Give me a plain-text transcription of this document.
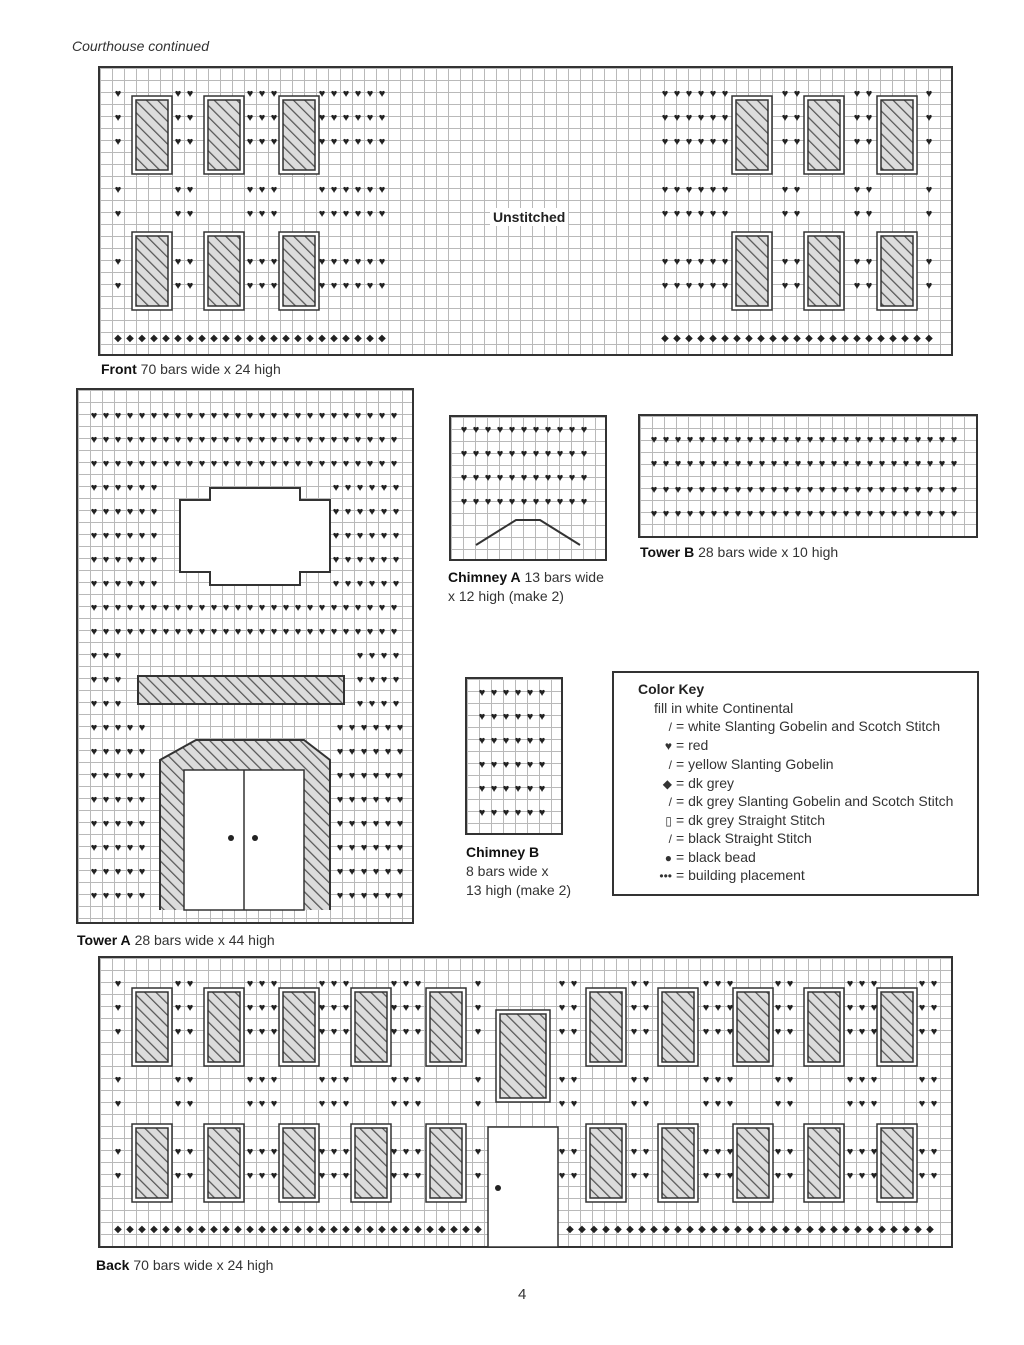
Courthouse continued
Unstitched
Front 70 bars wide x 24 high
Tower A 28 bars wide x 44 high
Chimney A 13 bars wide
x 12 high (make 2)
Tower B 28 bars wide x 10 high
Chimney B
8 bars wide x
13 high (make 2)
Back 70 bars wide x 24 high
♥	♥ ♥	♥ ♥ ♥	♥ ♥ ♥ ♥ ♥ ♥	♥ ♥ ♥ ♥ ♥ ♥	♥ ♥	♥ ♥	♥
♥	♥ ♥	♥ ♥ ♥	♥ ♥ ♥ ♥ ♥ ♥	♥ ♥ ♥ ♥ ♥ ♥	♥ ♥	♥ ♥	♥
♥	♥ ♥	♥ ♥ ♥	♥ ♥ ♥ ♥ ♥ ♥	♥ ♥ ♥ ♥ ♥ ♥	♥ ♥	♥ ♥	♥
♥	♥ ♥	♥ ♥ ♥	♥ ♥ ♥ ♥ ♥ ♥	♥ ♥ ♥ ♥ ♥ ♥	♥ ♥	♥ ♥	♥
♥	♥ ♥	♥ ♥ ♥	♥ ♥ ♥ ♥ ♥ ♥	♥ ♥ ♥ ♥ ♥ ♥	♥ ♥	♥ ♥	♥
♥	♥ ♥	♥ ♥ ♥	♥ ♥ ♥ ♥ ♥ ♥	♥ ♥ ♥ ♥ ♥ ♥	♥ ♥	♥ ♥	♥
♥	♥ ♥	♥ ♥ ♥	♥ ♥ ♥ ♥ ♥ ♥	♥ ♥ ♥ ♥ ♥ ♥	♥ ♥	♥ ♥	♥
◆ ◆ ◆ ◆ ◆ ◆ ◆ ◆ ◆ ◆ ◆ ◆ ◆ ◆ ◆ ◆ ◆ ◆ ◆ ◆ ◆ ◆ ◆	◆ ◆ ◆ ◆ ◆ ◆ ◆ ◆ ◆ ◆ ◆ ◆ ◆ ◆ ◆ ◆ ◆ ◆ ◆ ◆ ◆ ◆ ◆
♥ ♥ ♥ ♥ ♥ ♥ ♥ ♥ ♥ ♥ ♥ ♥ ♥ ♥ ♥ ♥ ♥ ♥ ♥ ♥ ♥ ♥ ♥ ♥ ♥ ♥
♥ ♥ ♥ ♥ ♥ ♥ ♥ ♥ ♥ ♥ ♥ ♥ ♥ ♥ ♥ ♥ ♥ ♥ ♥ ♥ ♥ ♥ ♥ ♥ ♥ ♥
♥ ♥ ♥ ♥ ♥ ♥ ♥ ♥ ♥ ♥ ♥ ♥ ♥ ♥ ♥ ♥ ♥ ♥ ♥ ♥ ♥ ♥ ♥ ♥ ♥ ♥
♥ ♥ ♥ ♥ ♥ ♥	♥ ♥ ♥ ♥ ♥ ♥
♥ ♥ ♥ ♥ ♥ ♥	♥ ♥ ♥ ♥ ♥ ♥
♥ ♥ ♥ ♥ ♥ ♥	♥ ♥ ♥ ♥ ♥ ♥
♥ ♥ ♥ ♥ ♥ ♥	♥ ♥ ♥ ♥ ♥ ♥
♥ ♥ ♥ ♥ ♥ ♥	♥ ♥ ♥ ♥ ♥ ♥
♥ ♥ ♥ ♥ ♥ ♥ ♥ ♥ ♥ ♥ ♥ ♥ ♥ ♥ ♥ ♥ ♥ ♥ ♥ ♥ ♥ ♥ ♥ ♥ ♥ ♥
♥ ♥ ♥ ♥ ♥ ♥ ♥ ♥ ♥ ♥ ♥ ♥ ♥ ♥ ♥ ♥ ♥ ♥ ♥ ♥ ♥ ♥ ♥ ♥ ♥ ♥
♥ ♥ ♥	♥ ♥ ♥ ♥
♥ ♥ ♥	♥ ♥ ♥ ♥
♥ ♥ ♥	♥ ♥ ♥ ♥
♥ ♥ ♥ ♥ ♥	♥ ♥ ♥ ♥ ♥ ♥
♥ ♥ ♥ ♥ ♥	♥ ♥ ♥ ♥ ♥ ♥
♥ ♥ ♥ ♥ ♥	♥ ♥ ♥ ♥ ♥ ♥
♥ ♥ ♥ ♥ ♥	♥ ♥ ♥ ♥ ♥ ♥
♥ ♥ ♥ ♥ ♥	♥ ♥ ♥ ♥ ♥ ♥
♥ ♥ ♥ ♥ ♥	♥ ♥ ♥ ♥ ♥ ♥
♥ ♥ ♥ ♥ ♥	♥ ♥ ♥ ♥ ♥ ♥
♥ ♥ ♥ ♥ ♥	♥ ♥ ♥ ♥ ♥ ♥
♥ ♥ ♥ ♥ ♥ ♥ ♥ ♥ ♥ ♥ ♥
♥ ♥ ♥ ♥ ♥ ♥ ♥ ♥ ♥ ♥ ♥
♥ ♥ ♥ ♥ ♥ ♥ ♥ ♥ ♥ ♥ ♥
♥ ♥ ♥ ♥ ♥ ♥ ♥ ♥ ♥ ♥ ♥
♥ ♥ ♥ ♥ ♥ ♥ ♥ ♥ ♥ ♥ ♥ ♥ ♥ ♥ ♥ ♥ ♥ ♥ ♥ ♥ ♥ ♥ ♥ ♥ ♥ ♥
♥ ♥ ♥ ♥ ♥ ♥ ♥ ♥ ♥ ♥ ♥ ♥ ♥ ♥ ♥ ♥ ♥ ♥ ♥ ♥ ♥ ♥ ♥ ♥ ♥ ♥
♥ ♥ ♥ ♥ ♥ ♥ ♥ ♥ ♥ ♥ ♥ ♥ ♥ ♥ ♥ ♥ ♥ ♥ ♥ ♥ ♥ ♥ ♥ ♥ ♥ ♥
♥ ♥ ♥ ♥ ♥ ♥ ♥ ♥ ♥ ♥ ♥ ♥ ♥ ♥ ♥ ♥ ♥ ♥ ♥ ♥ ♥ ♥ ♥ ♥ ♥ ♥
♥ ♥ ♥ ♥ ♥ ♥
♥ ♥ ♥ ♥ ♥ ♥
♥ ♥ ♥ ♥ ♥ ♥
♥ ♥ ♥ ♥ ♥ ♥
♥ ♥ ♥ ♥ ♥ ♥
♥ ♥ ♥ ♥ ♥ ♥
♥	♥ ♥	♥ ♥ ♥	♥ ♥ ♥	♥ ♥ ♥	♥	♥ ♥	♥ ♥	♥ ♥ ♥	♥ ♥	♥ ♥ ♥	♥ ♥
♥	♥ ♥	♥ ♥ ♥	♥ ♥ ♥	♥ ♥ ♥	♥	♥ ♥	♥ ♥	♥ ♥ ♥	♥ ♥	♥ ♥ ♥	♥ ♥
♥	♥ ♥	♥ ♥ ♥	♥ ♥ ♥	♥ ♥ ♥	♥	♥ ♥	♥ ♥	♥ ♥ ♥	♥ ♥	♥ ♥ ♥	♥ ♥
♥	♥ ♥	♥ ♥ ♥	♥ ♥ ♥	♥ ♥ ♥	♥	♥ ♥	♥ ♥	♥ ♥ ♥	♥ ♥	♥ ♥ ♥	♥ ♥
♥	♥ ♥	♥ ♥ ♥	♥ ♥ ♥	♥ ♥ ♥	♥	♥ ♥	♥ ♥	♥ ♥ ♥	♥ ♥	♥ ♥ ♥	♥ ♥
♥	♥ ♥	♥ ♥ ♥	♥ ♥ ♥	♥ ♥ ♥	♥	♥ ♥	♥ ♥	♥ ♥ ♥	♥ ♥	♥ ♥ ♥	♥ ♥
♥	♥ ♥	♥ ♥ ♥	♥ ♥ ♥	♥ ♥ ♥	♥	♥ ♥	♥ ♥	♥ ♥ ♥	♥ ♥	♥ ♥ ♥	♥ ♥
◆ ◆ ◆ ◆ ◆ ◆ ◆ ◆ ◆ ◆ ◆ ◆ ◆ ◆ ◆ ◆ ◆ ◆ ◆ ◆ ◆ ◆ ◆ ◆ ◆ ◆ ◆ ◆ ◆ ◆ ◆	◆ ◆ ◆ ◆ ◆ ◆ ◆ ◆ ◆ ◆ ◆ ◆ ◆ ◆ ◆ ◆ ◆ ◆ ◆ ◆ ◆ ◆ ◆ ◆ ◆ ◆ ◆ ◆ ◆ ◆ ◆
Color Key
fill in white Continental
/ = white Slanting Gobelin and Scotch Stitch
♥ = red
/ = yellow Slanting Gobelin
◆ = dk grey
/ = dk grey Slanting Gobelin and Scotch Stitch
▯ = dk grey Straight Stitch
/ = black Straight Stitch
● = black bead
••• = building placement
4
